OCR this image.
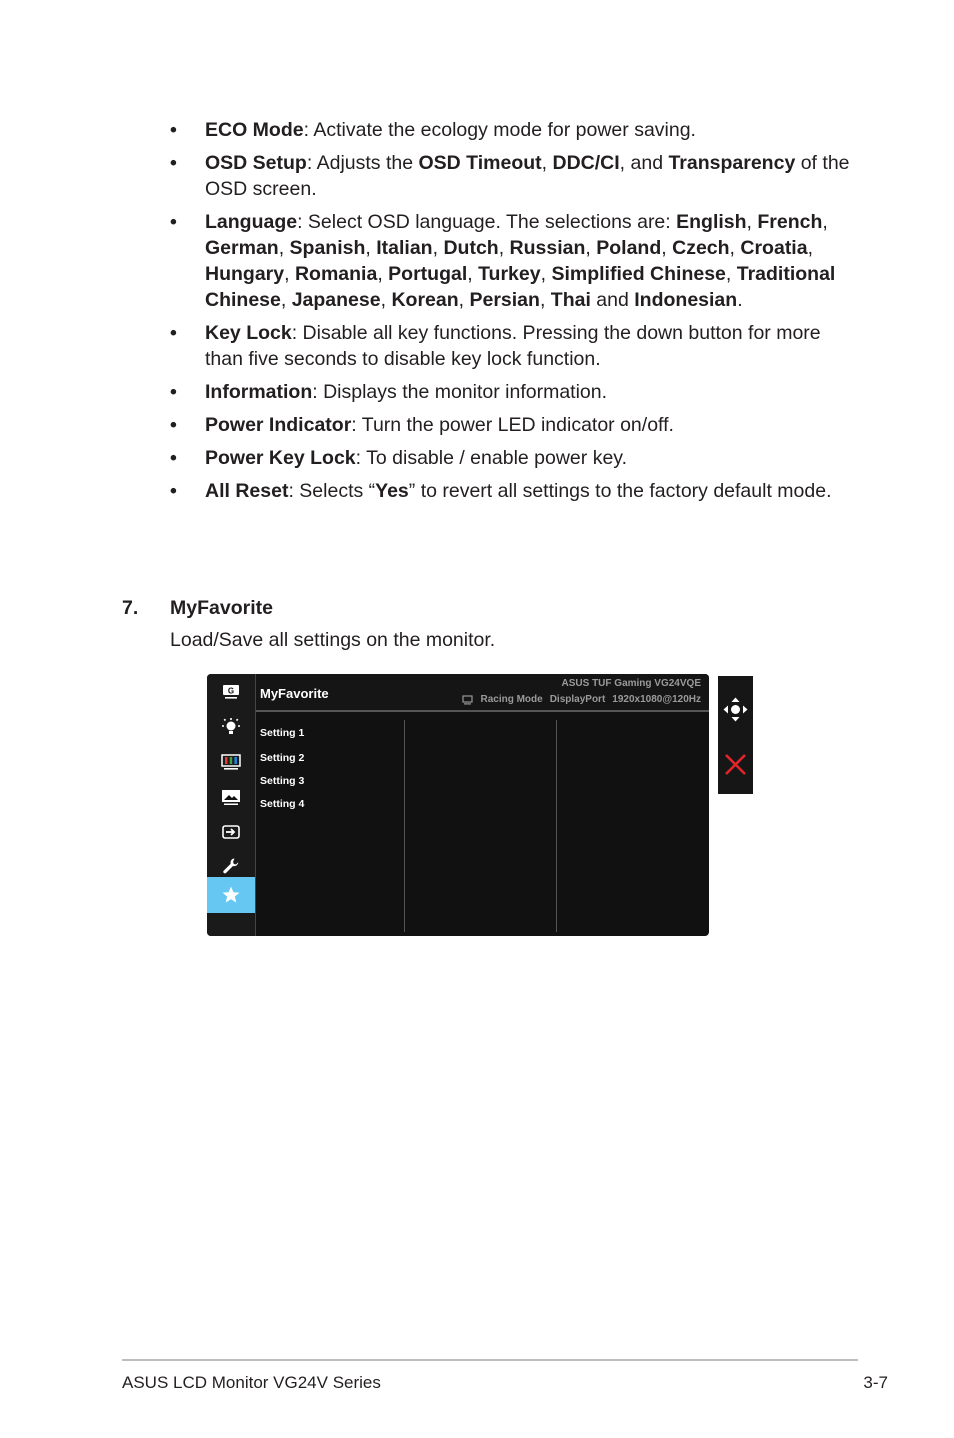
• ECO Mode: Activate the ecology mode for power saving.
• OSD Setup: Adjusts the OSD Timeout, DDC/CI, and Transparency of the OSD screen.
• Language: Select OSD language. The selections are: English, French, German, Spanish, Italian, Dutch, Russian, Poland, Czech, Croatia, Hungary, Romania, Portugal, Turkey, Simplified Chinese, Traditional Chinese, Japanese, Korean, Persian, Thai and Indonesian.
• Key Lock: Disable all key functions. Pressing the down button for more than five seconds to disable key lock function.
• Information: Displays the monitor information.
• Power Indicator: Turn the power LED indicator on/off.
• Power Key Lock: To disable / enable power key.
• All Reset: Selects “Yes” to revert all settings to the factory default mode.
7. MyFavorite
Load/Save all settings on the monitor.
G MyFavorite
ASUS TUF Gaming VG24VQE
Racing Mode DisplayPort 1920x1080@120Hz
Setting 1
Setting 2
Setting 3
Setting 4
ASUS LCD Monitor VG24V Series	3-7
